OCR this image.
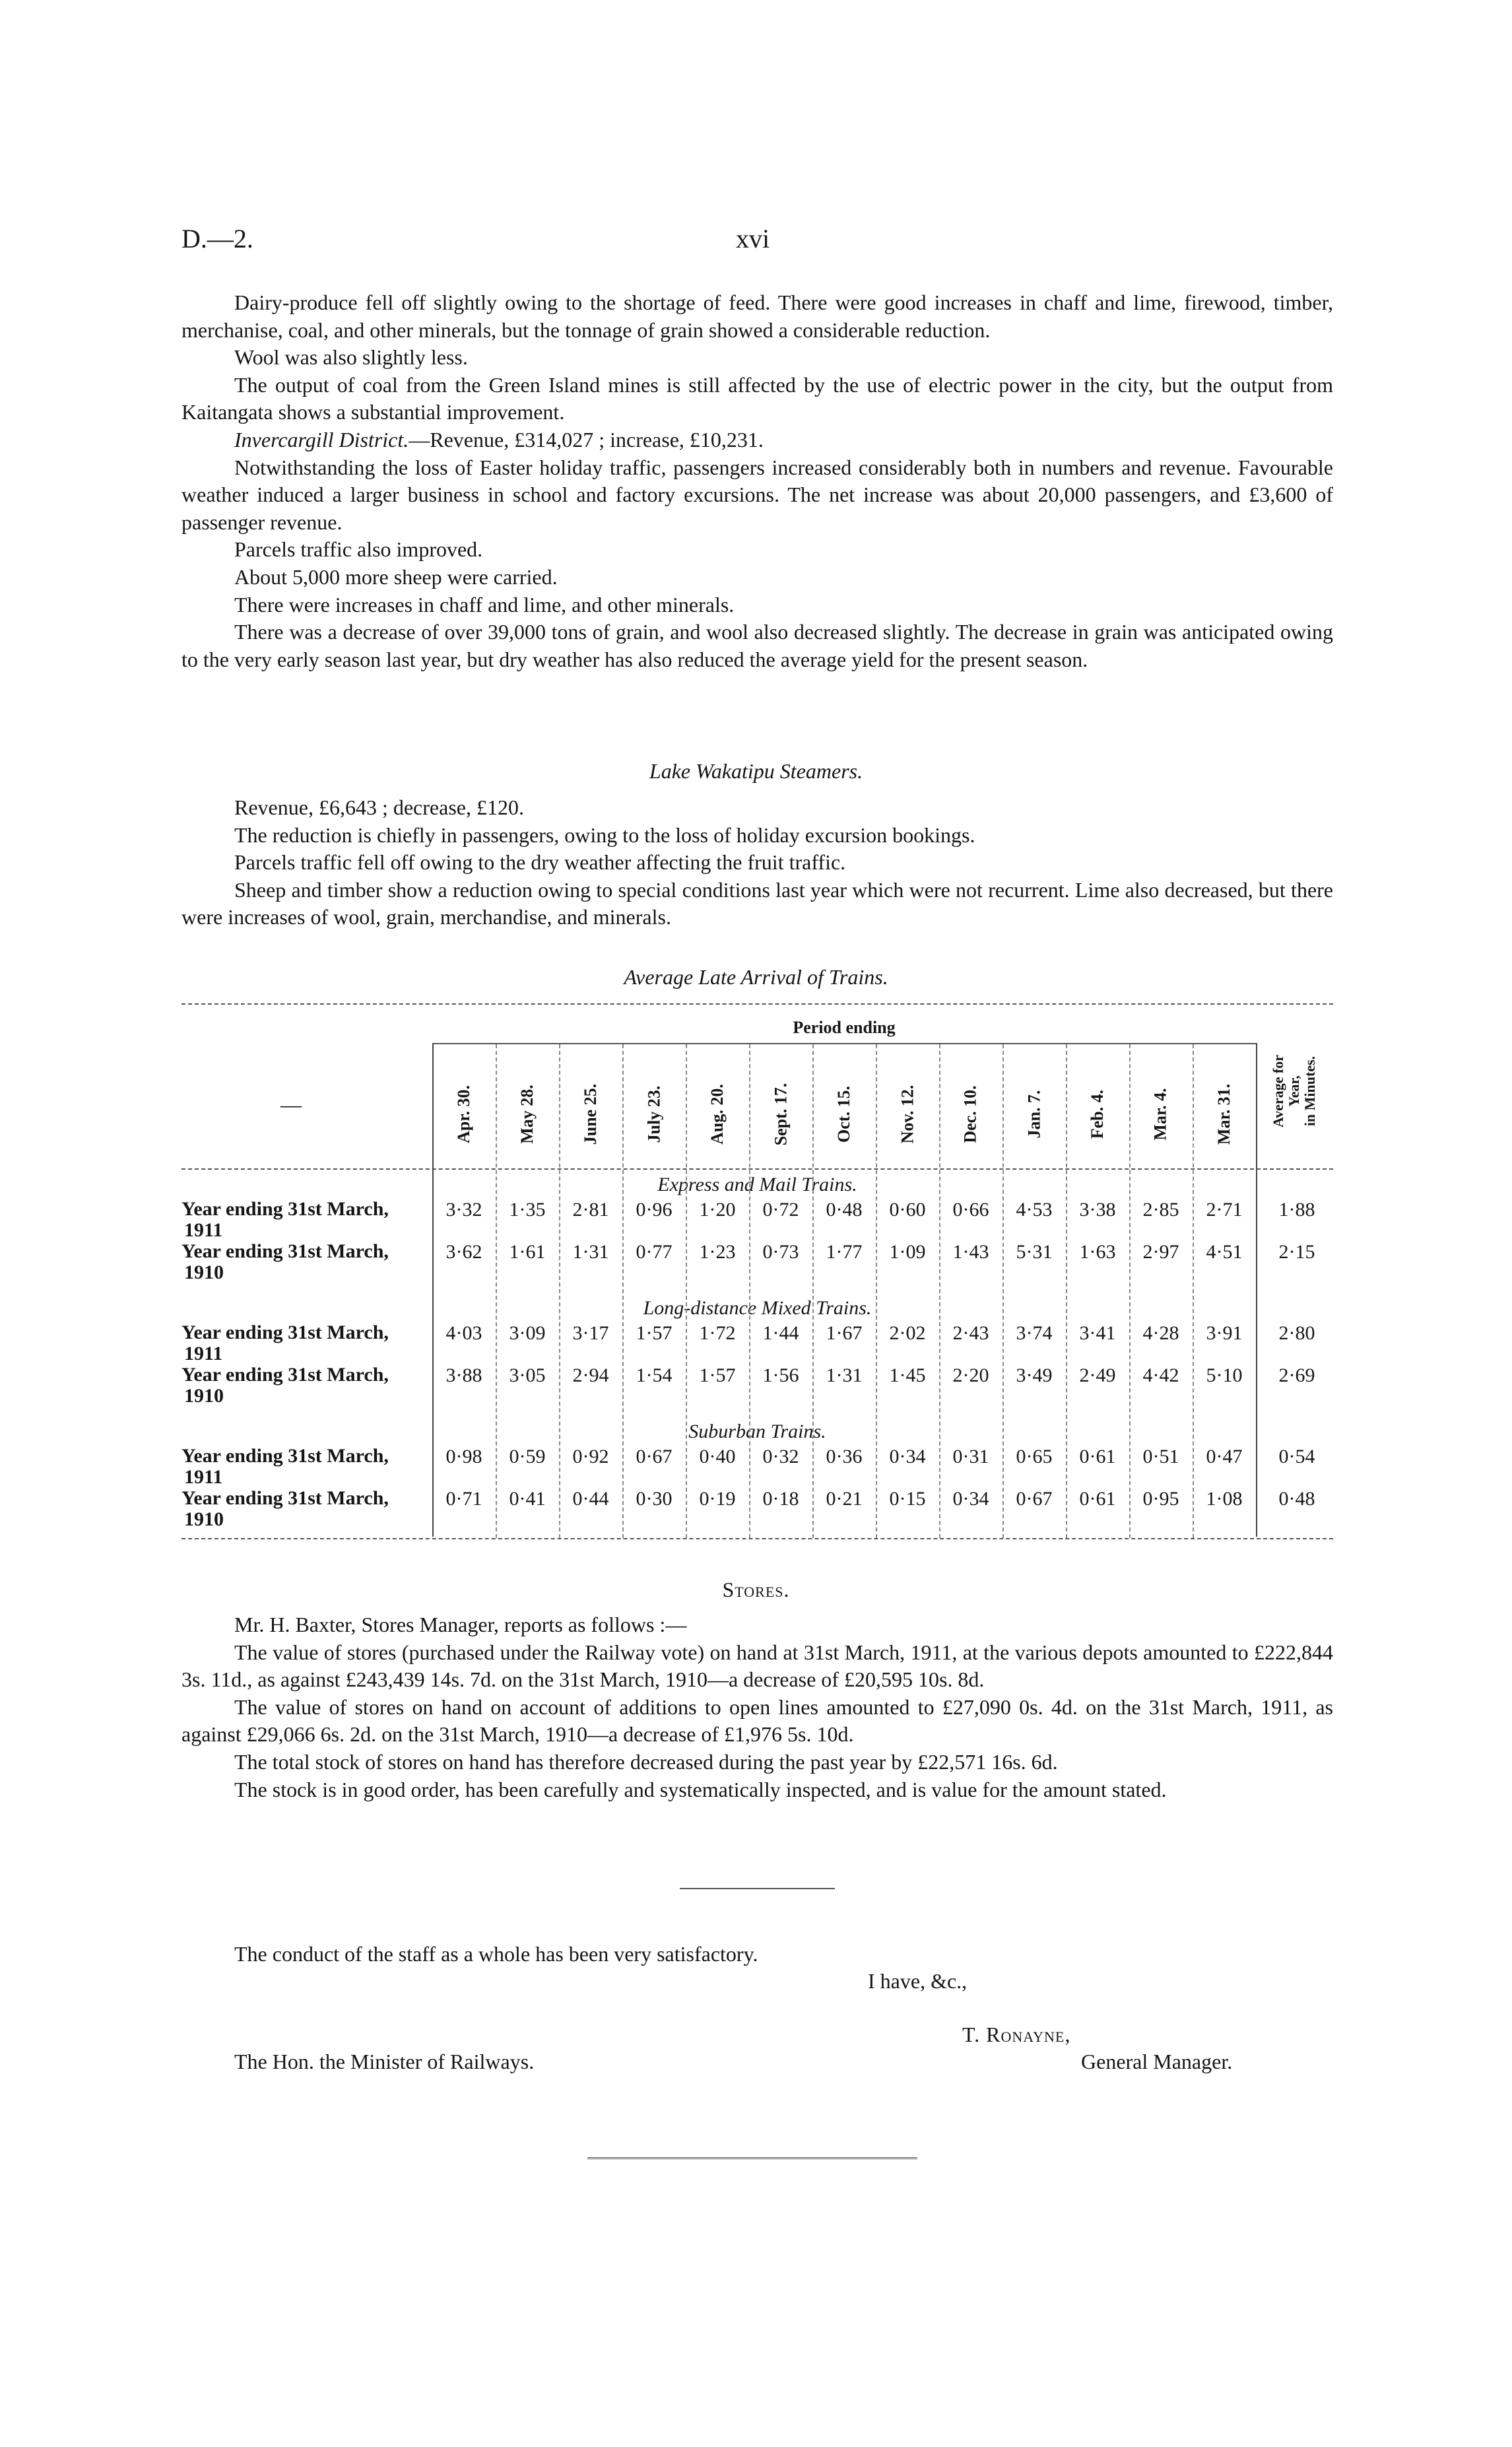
D.—2.	xvi

Dairy-produce fell off slightly owing to the shortage of feed. There were good increases in chaff and lime, firewood, timber, merchanise, coal, and other minerals, but the tonnage of grain showed a considerable reduction.

Wool was also slightly less.

The output of coal from the Green Island mines is still affected by the use of electric power in the city, but the output from Kaitangata shows a substantial improvement.

Invercargill District.—Revenue, £314,027 ; increase, £10,231.

Notwithstanding the loss of Easter holiday traffic, passengers increased considerably both in numbers and revenue. Favourable weather induced a larger business in school and factory excursions. The net increase was about 20,000 passengers, and £3,600 of passenger revenue.

Parcels traffic also improved.

About 5,000 more sheep were carried.

There were increases in chaff and lime, and other minerals.

There was a decrease of over 39,000 tons of grain, and wool also decreased slightly. The decrease in grain was anticipated owing to the very early season last year, but dry weather has also reduced the average yield for the present season.

Lake Wakatipu Steamers.

Revenue, £6,643 ; decrease, £120.

The reduction is chiefly in passengers, owing to the loss of holiday excursion bookings.

Parcels traffic fell off owing to the dry weather affecting the fruit traffic.

Sheep and timber show a reduction owing to special conditions last year which were not recurrent. Lime also decreased, but there were increases of wool, grain, merchandise, and minerals.

Average Late Arrival of Trains.
Period ending
—	Apr. 30.	May 28.	June 25.	July 23.	Aug. 20.	Sept. 17.	Oct. 15.	Nov. 12.	Dec. 10.	Jan. 7.	Feb. 4.	Mar. 4.	Mar. 31.	Average for
Year,
in Minutes.
Express and Mail Trains.
Year ending 31st March,
1911
3·32	1·35	2·81	0·96	1·20	0·72	0·48	0·60	0·66	4·53	3·38	2·85	2·71	1·88
Year ending 31st March,
1910
3·62	1·61	1·31	0·77	1·23	0·73	1·77	1·09	1·43	5·31	1·63	2·97	4·51	2·15
Long-distance Mixed Trains.
Year ending 31st March,
1911
4·03	3·09	3·17	1·57	1·72	1·44	1·67	2·02	2·43	3·74	3·41	4·28	3·91	2·80
Year ending 31st March,
1910
3·88	3·05	2·94	1·54	1·57	1·56	1·31	1·45	2·20	3·49	2·49	4·42	5·10	2·69
Suburban Trains.
Year ending 31st March,
1911
0·98	0·59	0·92	0·67	0·40	0·32	0·36	0·34	0·31	0·65	0·61	0·51	0·47	0·54
Year ending 31st March,
1910
0·71	0·41	0·44	0·30	0·19	0·18	0·21	0·15	0·34	0·67	0·61	0·95	1·08	0·48
Stores.

Mr. H. Baxter, Stores Manager, reports as follows :—

The value of stores (purchased under the Railway vote) on hand at 31st March, 1911, at the various depots amounted to £222,844 3s. 11d., as against £243,439 14s. 7d. on the 31st March, 1910—a decrease of £20,595 10s. 8d.

The value of stores on hand on account of additions to open lines amounted to £27,090 0s. 4d. on the 31st March, 1911, as against £29,066 6s. 2d. on the 31st March, 1910—a decrease of £1,976 5s. 10d.

The total stock of stores on hand has therefore decreased during the past year by £22,571 16s. 6d.

The stock is in good order, has been carefully and systematically inspected, and is value for the amount stated.

The conduct of the staff as a whole has been very satisfactory.
I have, &c.,
T. Ronayne,
General Manager.
The Hon. the Minister of Railways.
